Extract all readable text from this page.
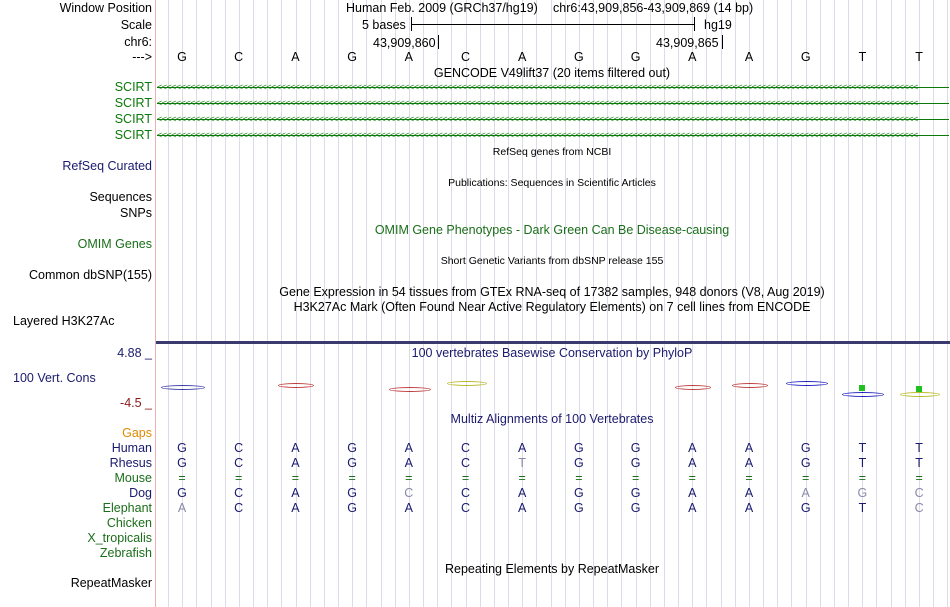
Window Position	Human Feb. 2009 (GRCh37/hg19) chr6:43,909,856-43,909,869 (14 bp)
Scale	5 bases	hg19
chr6:	43,909,860	43,909,865
--->	G	C	A	G	A	C	A	G	G	A	A	G	T	T
GENCODE V49lift37 (20 items filtered out)
SCIRT
SCIRT
SCIRT
SCIRT
<<<<<<<<<<<<<<<<<<<<<<<<<<<<<<<<<<<<<<<<<<<<<<<<<<<<<<<<<<<<<<<<<<<<<<<<<<<<<<<<<<<<<<<<<<<<<<<<<<<<<<<<<<<<<<<<<<<<<<<<<<<<<<<<<<<<<<<<<<<<<<<<<<<<<<<<<<<<<<<<
<<<<<<<<<<<<<<<<<<<<<<<<<<<<<<<<<<<<<<<<<<<<<<<<<<<<<<<<<<<<<<<<<<<<<<<<<<<<<<<<<<<<<<<<<<<<<<<<<<<<<<<<<<<<<<<<<<<<<<<<<<<<<<<<<<<<<<<<<<<<<<<<<<<<<<<<<<<<<<<<
<<<<<<<<<<<<<<<<<<<<<<<<<<<<<<<<<<<<<<<<<<<<<<<<<<<<<<<<<<<<<<<<<<<<<<<<<<<<<<<<<<<<<<<<<<<<<<<<<<<<<<<<<<<<<<<<<<<<<<<<<<<<<<<<<<<<<<<<<<<<<<<<<<<<<<<<<<<<<<<<
<<<<<<<<<<<<<<<<<<<<<<<<<<<<<<<<<<<<<<<<<<<<<<<<<<<<<<<<<<<<<<<<<<<<<<<<<<<<<<<<<<<<<<<<<<<<<<<<<<<<<<<<<<<<<<<<<<<<<<<<<<<<<<<<<<<<<<<<<<<<<<<<<<<<<<<<<<<<<<<<
RefSeq genes from NCBI
RefSeq Curated
Publications: Sequences in Scientific Articles
Sequences
SNPs
OMIM Gene Phenotypes - Dark Green Can Be Disease-causing
OMIM Genes
Short Genetic Variants from dbSNP release 155
Common dbSNP(155)
Gene Expression in 54 tissues from GTEx RNA-seq of 17382 samples, 948 donors (V8, Aug 2019)
H3K27Ac Mark (Often Found Near Active Regulatory Elements) on 7 cell lines from ENCODE
Layered H3K27Ac
100 vertebrates Basewise Conservation by PhyloP
4.88 _
100 Vert. Cons
-4.5 _
Multiz Alignments of 100 Vertebrates
Gaps
Human	G	C	A	G	A	C	A	G	G	A	A	G	T	T
Rhesus	G	C	A	G	A	C	T	G	G	A	A	G	T	T
Mouse	=	=	=	=	=	=	=	=	=	=	=	=	=	=
Dog	G	C	A	G	C	C	A	G	G	A	A	A	G	C
Elephant	A	C	A	G	A	C	A	G	G	A	A	G	T	C
Chicken
X_tropicalis
Zebrafish
Repeating Elements by RepeatMasker
RepeatMasker
